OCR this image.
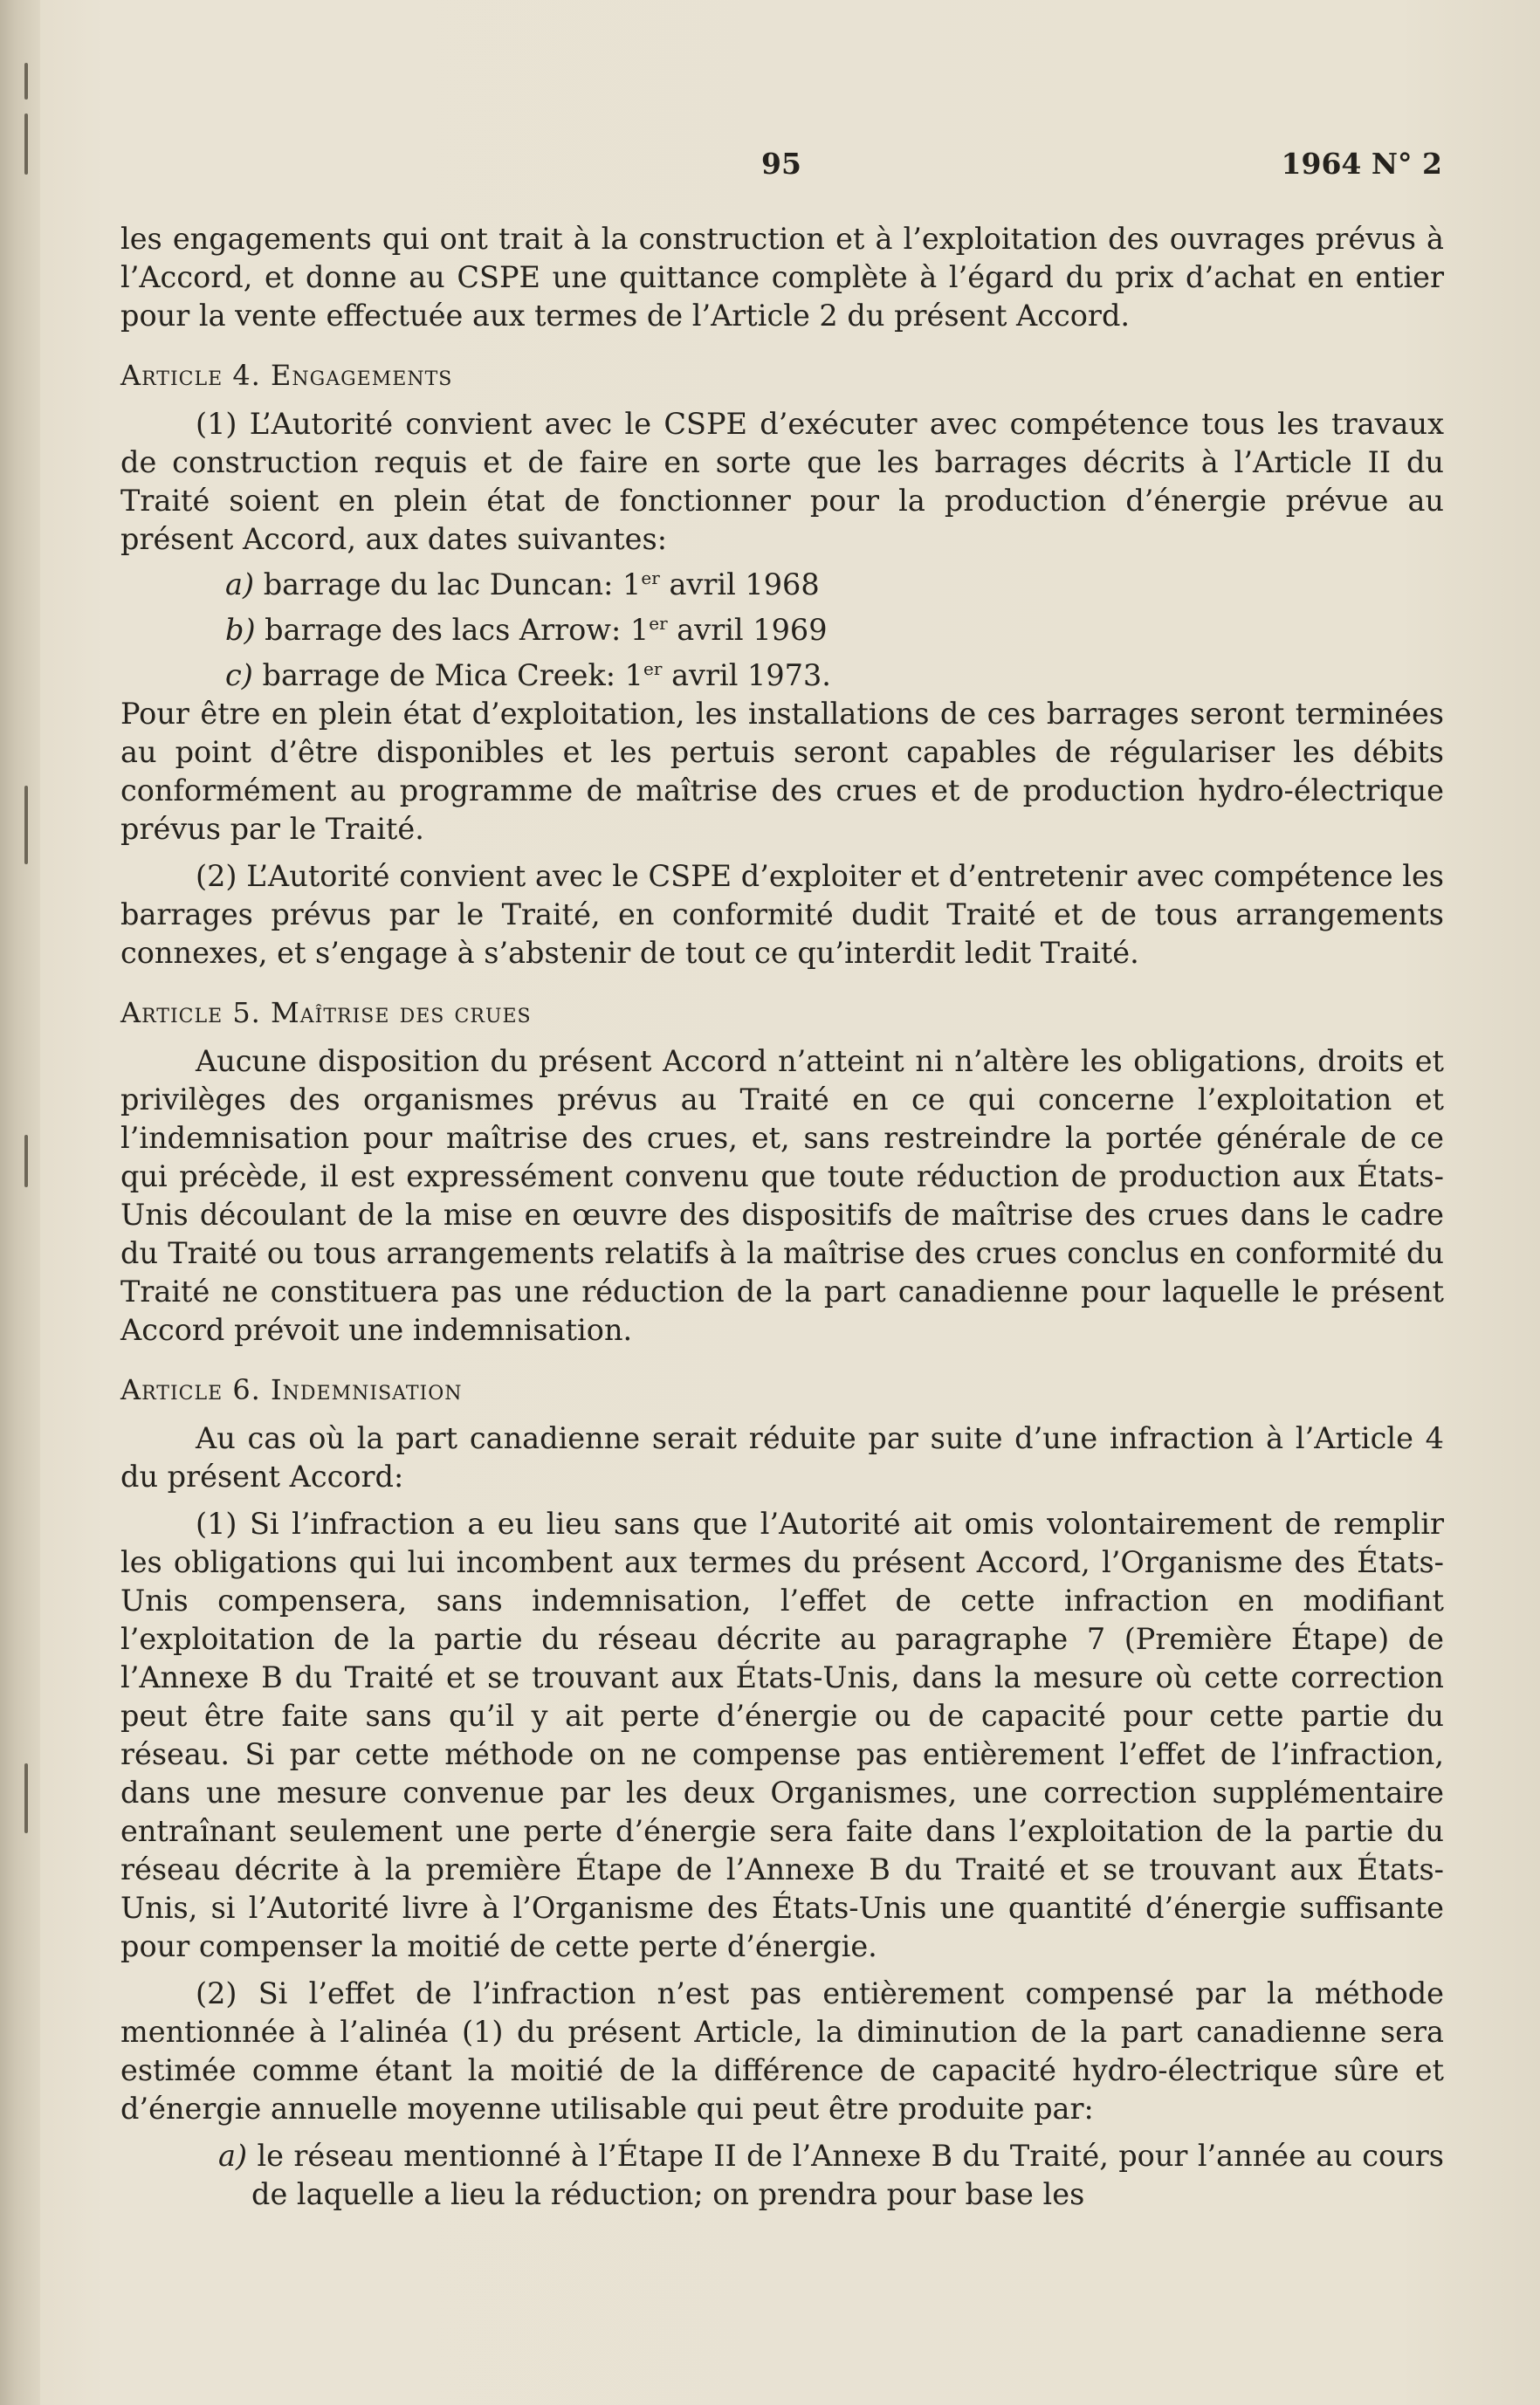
95	1964 N° 2

les engagements qui ont trait à la construction et à l’exploitation des ouvrages prévus à l’Accord, et donne au CSPE une quittance complète à l’égard du prix d’achat en entier pour la vente effectuée aux termes de l’Article 2 du présent Accord.

Article 4. Engagements

(1) L’Autorité convient avec le CSPE d’exécuter avec compétence tous les travaux de construction requis et de faire en sorte que les barrages décrits à l’Article II du Traité soient en plein état de fonctionner pour la production d’énergie prévue au présent Accord, aux dates suivantes:

a) barrage du lac Duncan: 1er avril 1968
b) barrage des lacs Arrow: 1er avril 1969
c) barrage de Mica Creek: 1er avril 1973.

Pour être en plein état d’exploitation, les installations de ces barrages seront terminées au point d’être disponibles et les pertuis seront capables de régulariser les débits conformément au programme de maîtrise des crues et de production hydro-électrique prévus par le Traité.

(2) L’Autorité convient avec le CSPE d’exploiter et d’entretenir avec compétence les barrages prévus par le Traité, en conformité dudit Traité et de tous arrangements connexes, et s’engage à s’abstenir de tout ce qu’interdit ledit Traité.

Article 5. Maîtrise des crues

Aucune disposition du présent Accord n’atteint ni n’altère les obligations, droits et privilèges des organismes prévus au Traité en ce qui concerne l’exploitation et l’indemnisation pour maîtrise des crues, et, sans restreindre la portée générale de ce qui précède, il est expressément convenu que toute réduction de production aux États-Unis découlant de la mise en œuvre des dispositifs de maîtrise des crues dans le cadre du Traité ou tous arrangements relatifs à la maîtrise des crues conclus en conformité du Traité ne constituera pas une réduction de la part canadienne pour laquelle le présent Accord prévoit une indemnisation.

Article 6. Indemnisation

Au cas où la part canadienne serait réduite par suite d’une infraction à l’Article 4 du présent Accord:

(1) Si l’infraction a eu lieu sans que l’Autorité ait omis volontairement de remplir les obligations qui lui incombent aux termes du présent Accord, l’Organisme des États-Unis compensera, sans indemnisation, l’effet de cette infraction en modifiant l’exploitation de la partie du réseau décrite au paragraphe 7 (Première Étape) de l’Annexe B du Traité et se trouvant aux États-Unis, dans la mesure où cette correction peut être faite sans qu’il y ait perte d’énergie ou de capacité pour cette partie du réseau. Si par cette méthode on ne compense pas entièrement l’effet de l’infraction, dans une mesure convenue par les deux Organismes, une correction supplémentaire entraînant seulement une perte d’énergie sera faite dans l’exploitation de la partie du réseau décrite à la première Étape de l’Annexe B du Traité et se trouvant aux États-Unis, si l’Autorité livre à l’Organisme des États-Unis une quantité d’énergie suffisante pour compenser la moitié de cette perte d’énergie.

(2) Si l’effet de l’infraction n’est pas entièrement compensé par la méthode mentionnée à l’alinéa (1) du présent Article, la diminution de la part canadienne sera estimée comme étant la moitié de la différence de capacité hydro-électrique sûre et d’énergie annuelle moyenne utilisable qui peut être produite par:

a) le réseau mentionné à l’Étape II de l’Annexe B du Traité, pour l’année au cours de laquelle a lieu la réduction; on prendra pour base les
